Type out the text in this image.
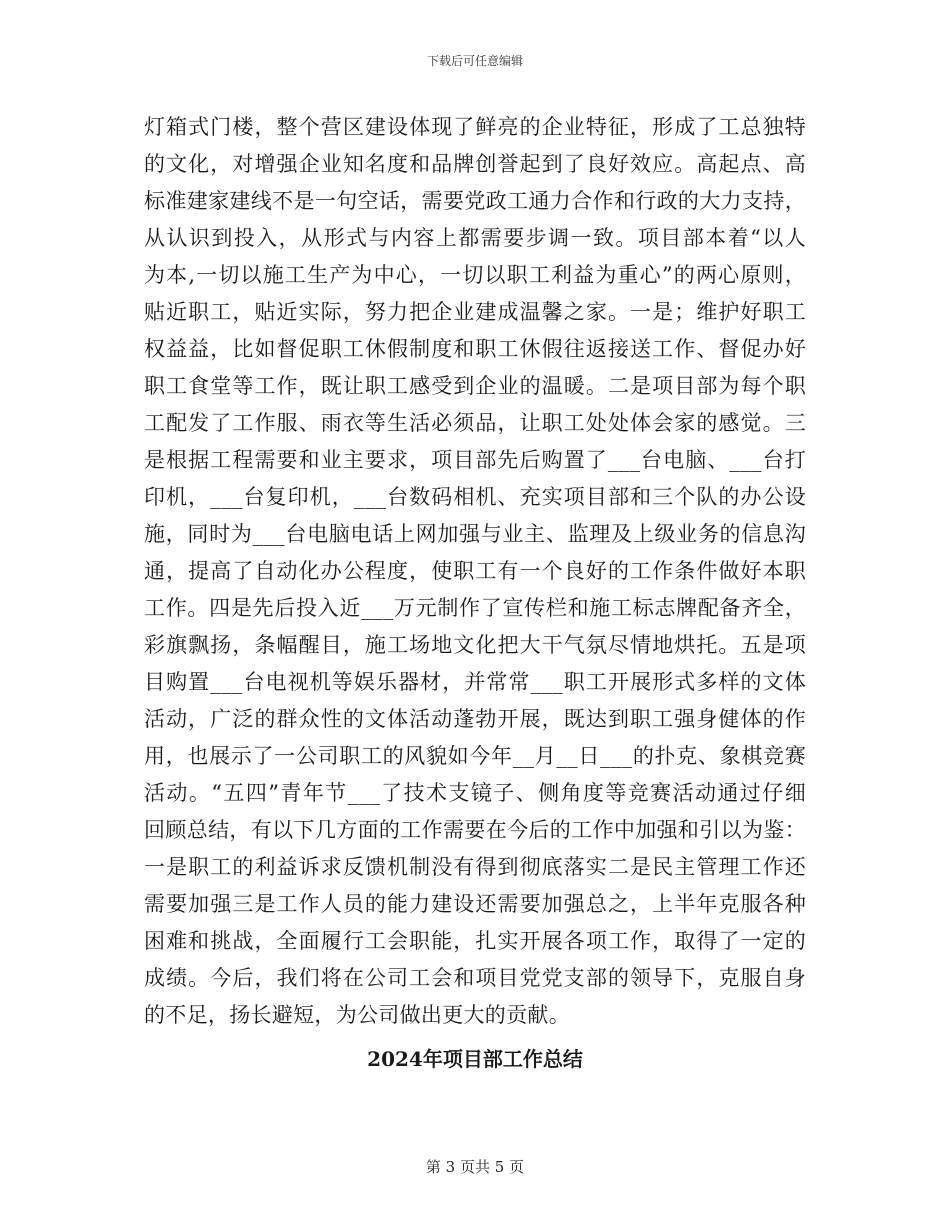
下载后可任意编辑
灯箱式门楼，整个营区建设体现了鲜亮的企业特征，形成了工总独特
的文化，对增强企业知名度和品牌创誉起到了良好效应。高起点、高
标准建家建线不是一句空话，需要党政工通力合作和行政的大力支持，
从认识到投入，从形式与内容上都需要步调一致。项目部本着“以人
为本,一切以施工生产为中心，一切以职工利益为重心”的两心原则，
贴近职工，贴近实际，努力把企业建成温馨之家。一是；维护好职工
权益益，比如督促职工休假制度和职工休假往返接送工作、督促办好
职工食堂等工作，既让职工感受到企业的温暖。二是项目部为每个职
工配发了工作服、雨衣等生活必须品，让职工处处体会家的感觉。三
是根据工程需要和业主要求，项目部先后购置了___台电脑、___台打
印机，___台复印机，___台数码相机、充实项目部和三个队的办公设
施，同时为___台电脑电话上网加强与业主、监理及上级业务的信息沟
通，提高了自动化办公程度，使职工有一个良好的工作条件做好本职
工作。四是先后投入近___万元制作了宣传栏和施工标志牌配备齐全，
彩旗飘扬，条幅醒目，施工场地文化把大干气氛尽情地烘托。五是项
目购置___台电视机等娱乐器材，并常常___职工开展形式多样的文体
活动，广泛的群众性的文体活动蓬勃开展，既达到职工强身健体的作
用，也展示了一公司职工的风貌如今年__月__日___的扑克、象棋竞赛
活动。“五四”青年节___了技术支镜子、侧角度等竞赛活动通过仔细
回顾总结，有以下几方面的工作需要在今后的工作中加强和引以为鉴：
一是职工的利益诉求反馈机制没有得到彻底落实二是民主管理工作还
需要加强三是工作人员的能力建设还需要加强总之，上半年克服各种
困难和挑战，全面履行工会职能，扎实开展各项工作，取得了一定的
成绩。今后，我们将在公司工会和项目党党支部的领导下，克服自身
的不足，扬长避短，为公司做出更大的贡献。
2024年项目部工作总结
第 3 页共 5 页
